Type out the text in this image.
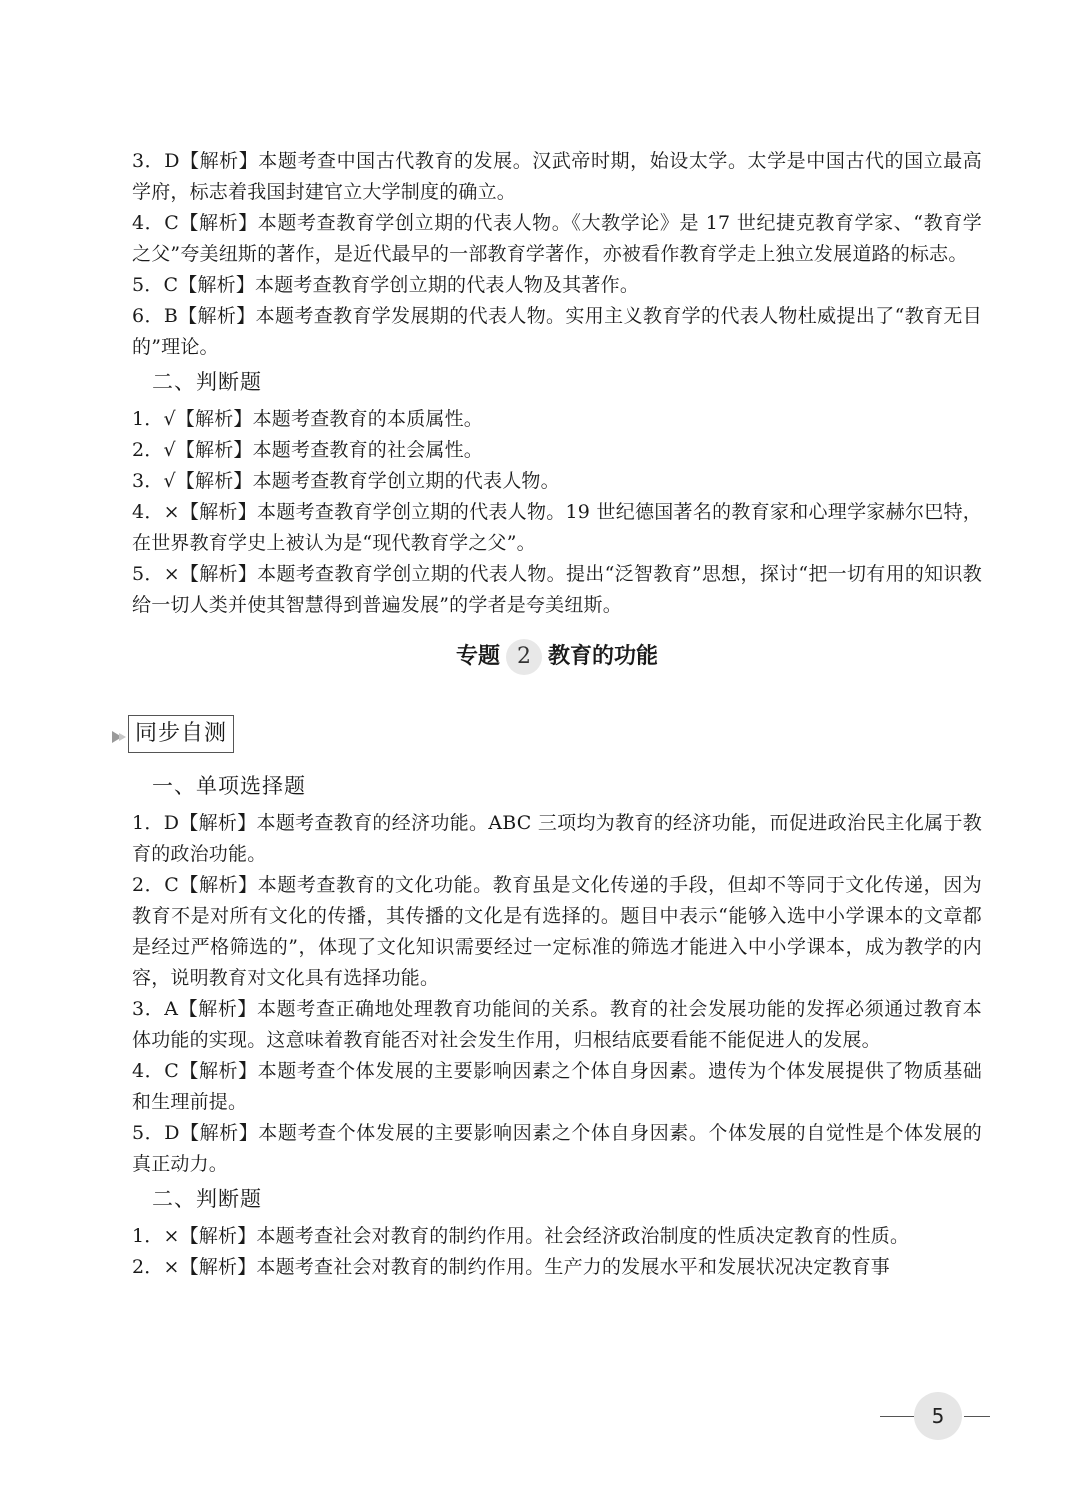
3．D【解析】本题考查中国古代教育的发展。汉武帝时期，始设太学。太学是中国古代的国立最高学府，标志着我国封建官立大学制度的确立。

4．C【解析】本题考查教育学创立期的代表人物。《大教学论》是 17 世纪捷克教育学家、“教育学之父”夸美纽斯的著作，是近代最早的一部教育学著作，亦被看作教育学走上独立发展道路的标志。

5．C【解析】本题考查教育学创立期的代表人物及其著作。

6．B【解析】本题考查教育学发展期的代表人物。实用主义教育学的代表人物杜威提出了“教育无目的”理论。

二、判断题

1．√【解析】本题考查教育的本质属性。

2．√【解析】本题考查教育的社会属性。

3．√【解析】本题考查教育学创立期的代表人物。

4．×【解析】本题考查教育学创立期的代表人物。19 世纪德国著名的教育家和心理学家赫尔巴特，在世界教育学史上被认为是“现代教育学之父”。

5．×【解析】本题考查教育学创立期的代表人物。提出“泛智教育”思想，探讨“把一切有用的知识教给一切人类并使其智慧得到普遍发展”的学者是夸美纽斯。

专题 2 教育的功能
同步自测
一、单项选择题

1．D【解析】本题考查教育的经济功能。ABC 三项均为教育的经济功能，而促进政治民主化属于教育的政治功能。

2．C【解析】本题考查教育的文化功能。教育虽是文化传递的手段，但却不等同于文化传递，因为教育不是对所有文化的传播，其传播的文化是有选择的。题目中表示“能够入选中小学课本的文章都是经过严格筛选的”，体现了文化知识需要经过一定标准的筛选才能进入中小学课本，成为教学的内容，说明教育对文化具有选择功能。

3．A【解析】本题考查正确地处理教育功能间的关系。教育的社会发展功能的发挥必须通过教育本体功能的实现。这意味着教育能否对社会发生作用，归根结底要看能不能促进人的发展。

4．C【解析】本题考查个体发展的主要影响因素之个体自身因素。遗传为个体发展提供了物质基础和生理前提。

5．D【解析】本题考查个体发展的主要影响因素之个体自身因素。个体发展的自觉性是个体发展的真正动力。

二、判断题

1．×【解析】本题考查社会对教育的制约作用。社会经济政治制度的性质决定教育的性质。

2．×【解析】本题考查社会对教育的制约作用。生产力的发展水平和发展状况决定教育事

5
